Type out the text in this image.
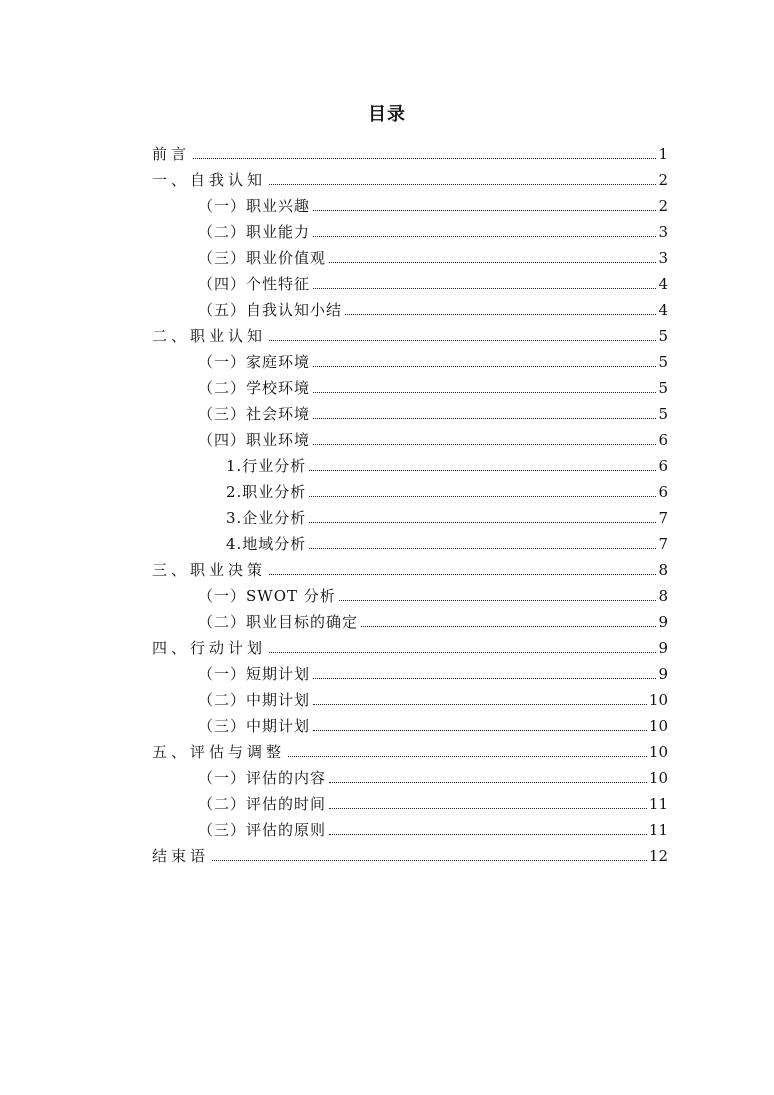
目录
前言	1
一、自我认知	2
（一）职业兴趣	2
（二）职业能力	3
（三）职业价值观	3
（四）个性特征	4
（五）自我认知小结	4
二、职业认知	5
（一）家庭环境	5
（二）学校环境	5
（三）社会环境	5
（四）职业环境	6
1.行业分析	6
2.职业分析	6
3.企业分析	7
4.地域分析	7
三、职业决策	8
（一）SWOT 分析	8
（二）职业目标的确定	9
四、行动计划	9
（一）短期计划	9
（二）中期计划	10
（三）中期计划	10
五、评估与调整	10
（一）评估的内容	10
（二）评估的时间	11
（三）评估的原则	11
结束语	12
